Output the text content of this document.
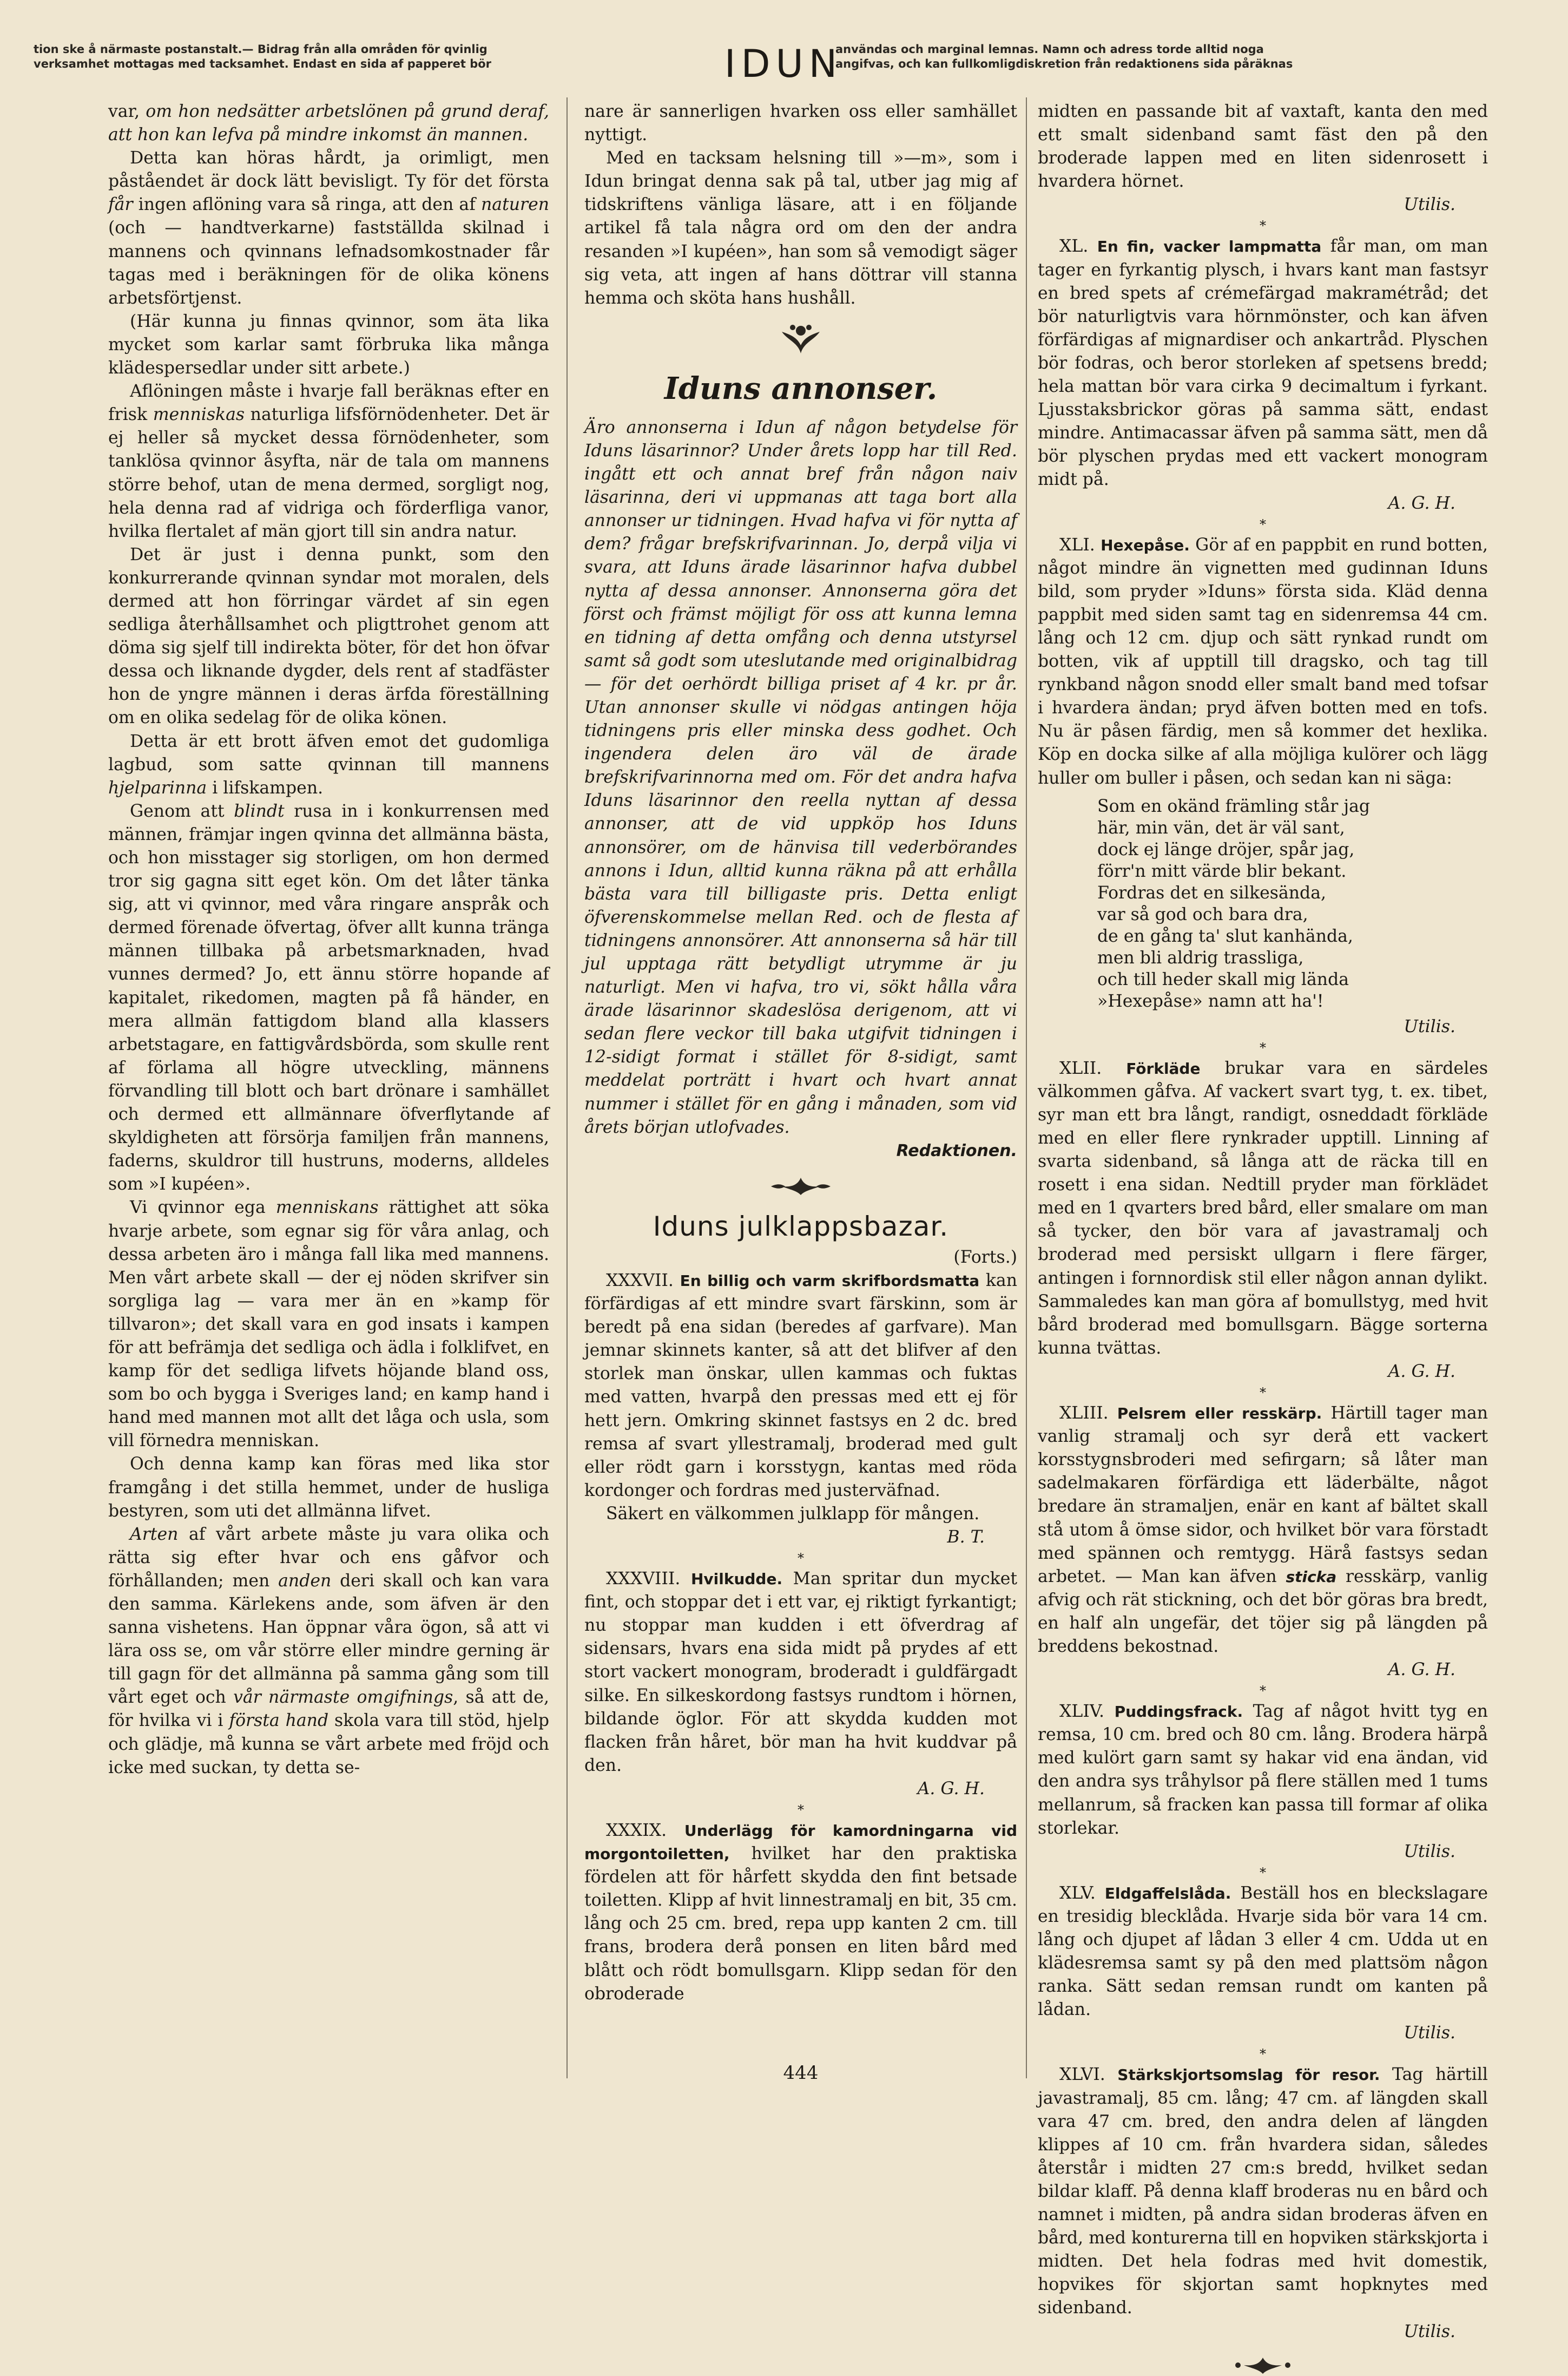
tion ske å närmaste postanstalt.— Bidrag från alla områden för qvinlig
verksamhet mottagas med tacksamhet. Endast en sida af papperet bör	IDUN
användas och marginal lemnas. Namn och adress torde alltid noga
angifvas, och kan fullkomligdiskretion från redaktionens sida påräknas

var, om hon nedsätter arbetslönen på grund deraf, att hon kan lefva på mindre inkomst än mannen.

Detta kan höras hårdt, ja orimligt, men påståendet är dock lätt bevisligt. Ty för det första får ingen aflöning vara så ringa, att den af naturen (och — handtverkarne) fastställda skilnad i mannens och qvinnans lefnadsomkostnader får tagas med i beräkningen för de olika könens arbetsförtjenst.

(Här kunna ju finnas qvinnor, som äta lika mycket som karlar samt förbruka lika många klädespersedlar under sitt arbete.)

Aflöningen måste i hvarje fall beräknas efter en frisk menniskas naturliga lifsförnödenheter. Det är ej heller så mycket dessa förnödenheter, som tanklösa qvinnor åsyfta, när de tala om mannens större behof, utan de mena dermed, sorgligt nog, hela denna rad af vidriga och förderfliga vanor, hvilka flertalet af män gjort till sin andra natur.

Det är just i denna punkt, som den konkurrerande qvinnan syndar mot moralen, dels dermed att hon förringar värdet af sin egen sedliga återhållsamhet och pligttrohet genom att döma sig sjelf till indirekta böter, för det hon öfvar dessa och liknande dygder, dels rent af stadfäster hon de yngre männen i deras ärfda föreställning om en olika sedelag för de olika könen.

Detta är ett brott äfven emot det gudomliga lagbud, som satte qvinnan till mannens hjelparinna i lifskampen.

Genom att blindt rusa in i konkurrensen med männen, främjar ingen qvinna det allmänna bästa, och hon misstager sig storligen, om hon dermed tror sig gagna sitt eget kön. Om det låter tänka sig, att vi qvinnor, med våra ringare anspråk och dermed förenade öfvertag, öfver allt kunna tränga männen tillbaka på arbetsmarknaden, hvad vunnes dermed? Jo, ett ännu större hopande af kapitalet, rikedomen, magten på få händer, en mera allmän fattigdom bland alla klassers arbetstagare, en fattigvårdsbörda, som skulle rent af förlama all högre utveckling, männens förvandling till blott och bart drönare i samhället och dermed ett allmännare öfverflytande af skyldigheten att försörja familjen från mannens, faderns, skuldror till hustruns, moderns, alldeles som »I kupéen».

Vi qvinnor ega menniskans rättighet att söka hvarje arbete, som egnar sig för våra anlag, och dessa arbeten äro i många fall lika med mannens. Men vårt arbete skall — der ej nöden skrifver sin sorgliga lag — vara mer än en »kamp för tillvaron»; det skall vara en god insats i kampen för att befrämja det sedliga och ädla i folklifvet, en kamp för det sedliga lifvets höjande bland oss, som bo och bygga i Sveriges land; en kamp hand i hand med mannen mot allt det låga och usla, som vill förnedra menniskan.

Och denna kamp kan föras med lika stor framgång i det stilla hemmet, under de husliga bestyren, som uti det allmänna lifvet.

Arten af vårt arbete måste ju vara olika och rätta sig efter hvar och ens gåfvor och förhållanden; men anden deri skall och kan vara den samma. Kärlekens ande, som äfven är den sanna vishetens. Han öppnar våra ögon, så att vi lära oss se, om vår större eller mindre gerning är till gagn för det allmänna på samma gång som till vårt eget och vår närmaste omgifnings, så att de, för hvilka vi i första hand skola vara till stöd, hjelp och glädje, må kunna se vårt arbete med fröjd och icke med suckan, ty detta se-

nare är sannerligen hvarken oss eller samhället nyttigt.

Med en tacksam helsning till »—m», som i Idun bringat denna sak på tal, utber jag mig af tidskriftens vänliga läsare, att i en följande artikel få tala några ord om den der andra resanden »I kupéen», han som så vemodigt säger sig veta, att ingen af hans döttrar vill stanna hemma och sköta hans hushåll.

Iduns annonser.

Äro annonserna i Idun af någon betydelse för Iduns läsarinnor? Under årets lopp har till Red. ingått ett och annat bref från någon naiv läsarinna, deri vi uppmanas att taga bort alla annonser ur tidningen. Hvad hafva vi för nytta af dem? frågar brefskrifvarinnan. Jo, derpå vilja vi svara, att Iduns ärade läsarinnor hafva dubbel nytta af dessa annonser. Annonserna göra det först och främst möjligt för oss att kunna lemna en tidning af detta omfång och denna utstyrsel samt så godt som uteslutande med originalbidrag — för det oerhördt billiga priset af 4 kr. pr år. Utan annonser skulle vi nödgas antingen höja tidningens pris eller minska dess godhet. Och ingendera delen äro väl de ärade brefskrifvarinnorna med om. För det andra hafva Iduns läsarinnor den reella nyttan af dessa annonser, att de vid uppköp hos Iduns annonsörer, om de hänvisa till vederbörandes annons i Idun, alltid kunna räkna på att erhålla bästa vara till billigaste pris. Detta enligt öfverenskommelse mellan Red. och de flesta af tidningens annonsörer. Att annonserna så här till jul upptaga rätt betydligt utrymme är ju naturligt. Men vi hafva, tro vi, sökt hålla våra ärade läsarinnor skadeslösa derigenom, att vi sedan flere veckor till baka utgifvit tidningen i 12-sidigt format i stället för 8-sidigt, samt meddelat porträtt i hvart och hvart annat nummer i stället för en gång i månaden, som vid årets början utlofvades.

Redaktionen.

Iduns julklappsbazar.

(Forts.)

XXXVII. En billig och varm skrifbordsmatta kan förfärdigas af ett mindre svart färskinn, som är beredt på ena sidan (beredes af garfvare). Man jemnar skinnets kanter, så att det blifver af den storlek man önskar, ullen kammas och fuktas med vatten, hvarpå den pressas med ett ej för hett jern. Omkring skinnet fastsys en 2 dc. bred remsa af svart yllestramalj, broderad med gult eller rödt garn i korsstygn, kantas med röda kordonger och fordras med justerväfnad.

Säkert en välkommen julklapp för mången.

B. T.

*

XXXVIII. Hvilkudde. Man spritar dun mycket fint, och stoppar det i ett var, ej riktigt fyrkantigt; nu stoppar man kudden i ett öfverdrag af sidensars, hvars ena sida midt på prydes af ett stort vackert monogram, broderadt i guldfärgadt silke. En silkeskordong fastsys rundtom i hörnen, bildande öglor. För att skydda kudden mot flacken från håret, bör man ha hvit kuddvar på den.

A. G. H.

*

XXXIX. Underlägg för kamordningarna vid morgontoiletten, hvilket har den praktiska fördelen att för hårfett skydda den fint betsade toiletten. Klipp af hvit linnestramalj en bit, 35 cm. lång och 25 cm. bred, repa upp kanten 2 cm. till frans, broderа derå ponsen en liten bård med blått och rödt bomullsgarn. Klipp sedan för den obroderade

midten en passande bit af vaxtaft, kanta den med ett smalt sidenband samt fäst den på den broderade lappen med en liten sidenrosett i hvardera hörnet.

Utilis.

*

XL. En fin, vacker lampmatta får man, om man tager en fyrkantig plysch, i hvars kant man fastsyr en bred spets af crémefärgad makramétråd; det bör naturligtvis vara hörnmönster, och kan äfven förfärdigas af mignardiser och ankartråd. Plyschen bör fodras, och beror storleken af spetsens bredd; hela mattan bör vara cirka 9 decimaltum i fyrkant. Ljusstaksbrickor göras på samma sätt, endast mindre. Antimacassar äfven på samma sätt, men då bör plyschen prydas med ett vackert monogram midt på.

A. G. H.

*

XLI. Hexepåse. Gör af en pappbit en rund botten, något mindre än vignetten med gudinnan Iduns bild, som pryder »Iduns» första sida. Kläd denna pappbit med siden samt tag en sidenremsa 44 cm. lång och 12 cm. djup och sätt rynkad rundt om botten, vik af upptill till dragsko, och tag till rynkband någon snodd eller smalt band med tofsar i hvardera ändan; pryd äfven botten med en tofs. Nu är påsen färdig, men så kommer det hexlika. Köp en docka silke af alla möjliga kulörer och lägg huller om buller i påsen, och sedan kan ni säga:

Som en okänd främling står jag
här, min vän, det är väl sant,
dock ej länge dröjer, spår jag,
förr'n mitt värde blir bekant.
Fordras det en silkesända,
var så god och bara dra,
de en gång ta' slut kanhända,
men bli aldrig trassliga,
och till heder skall mig lända
»Hexepåse» namn att ha'!

Utilis.

*

XLII. Förkläde brukar vara en särdeles välkommen gåfva. Af vackert svart tyg, t. ex. tibet, syr man ett bra långt, randigt, osneddadt förkläde med en eller flere rynkrader upptill. Linning af svarta sidenband, så långa att de räcka till en rosett i ena sidan. Nedtill pryder man förklädet med en 1 qvarters bred bård, eller smalare om man så tycker, den bör vara af javastramalj och broderad med persiskt ullgarn i flere färger, antingen i fornnordisk stil eller någon annan dylikt. Sammaledes kan man göra af bomullstyg, med hvit bård broderad med bomullsgarn. Bägge sorterna kunna tvättas.

A. G. H.

*

XLIII. Pelsrem eller resskärp. Härtill tager man vanlig stramalj och syr derå ett vackert korsstygnsbroderi med sefirgarn; så låter man sadelmakaren förfärdiga ett läderbälte, något bredare än stramaljen, enär en kant af bältet skall stå utom å ömse sidor, och hvilket bör vara förstadt med spännen och remtygg. Härå fastsys sedan arbetet. — Man kan äfven sticka resskärp, vanlig afvig och rät stickning, och det bör göras bra bredt, en half aln ungefär, det töjer sig på längden på breddens bekostnad.

A. G. H.

*

XLIV. Puddingsfrack. Tag af något hvitt tyg en remsa, 10 cm. bred och 80 cm. lång. Brodera härpå med kulört garn samt sy hakar vid ena ändan, vid den andra sys tråhylsor på flere ställen med 1 tums mellanrum, så fracken kan passa till formar af olika storlekar.

Utilis.

*

XLV. Eldgaffelslåda. Beställ hos en bleckslagare en tresidig blecklåda. Hvarje sida bör vara 14 cm. lång och djupet af lådan 3 eller 4 cm. Udda ut en klädesremsa samt sy på den med plattsöm någon ranka. Sätt sedan remsan rundt om kanten på lådan.

Utilis.

*

XLVI. Stärkskjortsomslag för resor. Tag härtill javastramalj, 85 cm. lång; 47 cm. af längden skall vara 47 cm. bred, den andra delen af längden klippes af 10 cm. från hvardera sidan, således återstår i midten 27 cm:s bredd, hvilket sedan bildar klaff. På denna klaff broderas nu en bård och namnet i midten, på andra sidan broderas äfven en bård, med konturerna till en hopviken stärkskjorta i midten. Det hela fodras med hvit domestik, hopvikes för skjortan samt hopknytes med sidenband.

Utilis.

444
